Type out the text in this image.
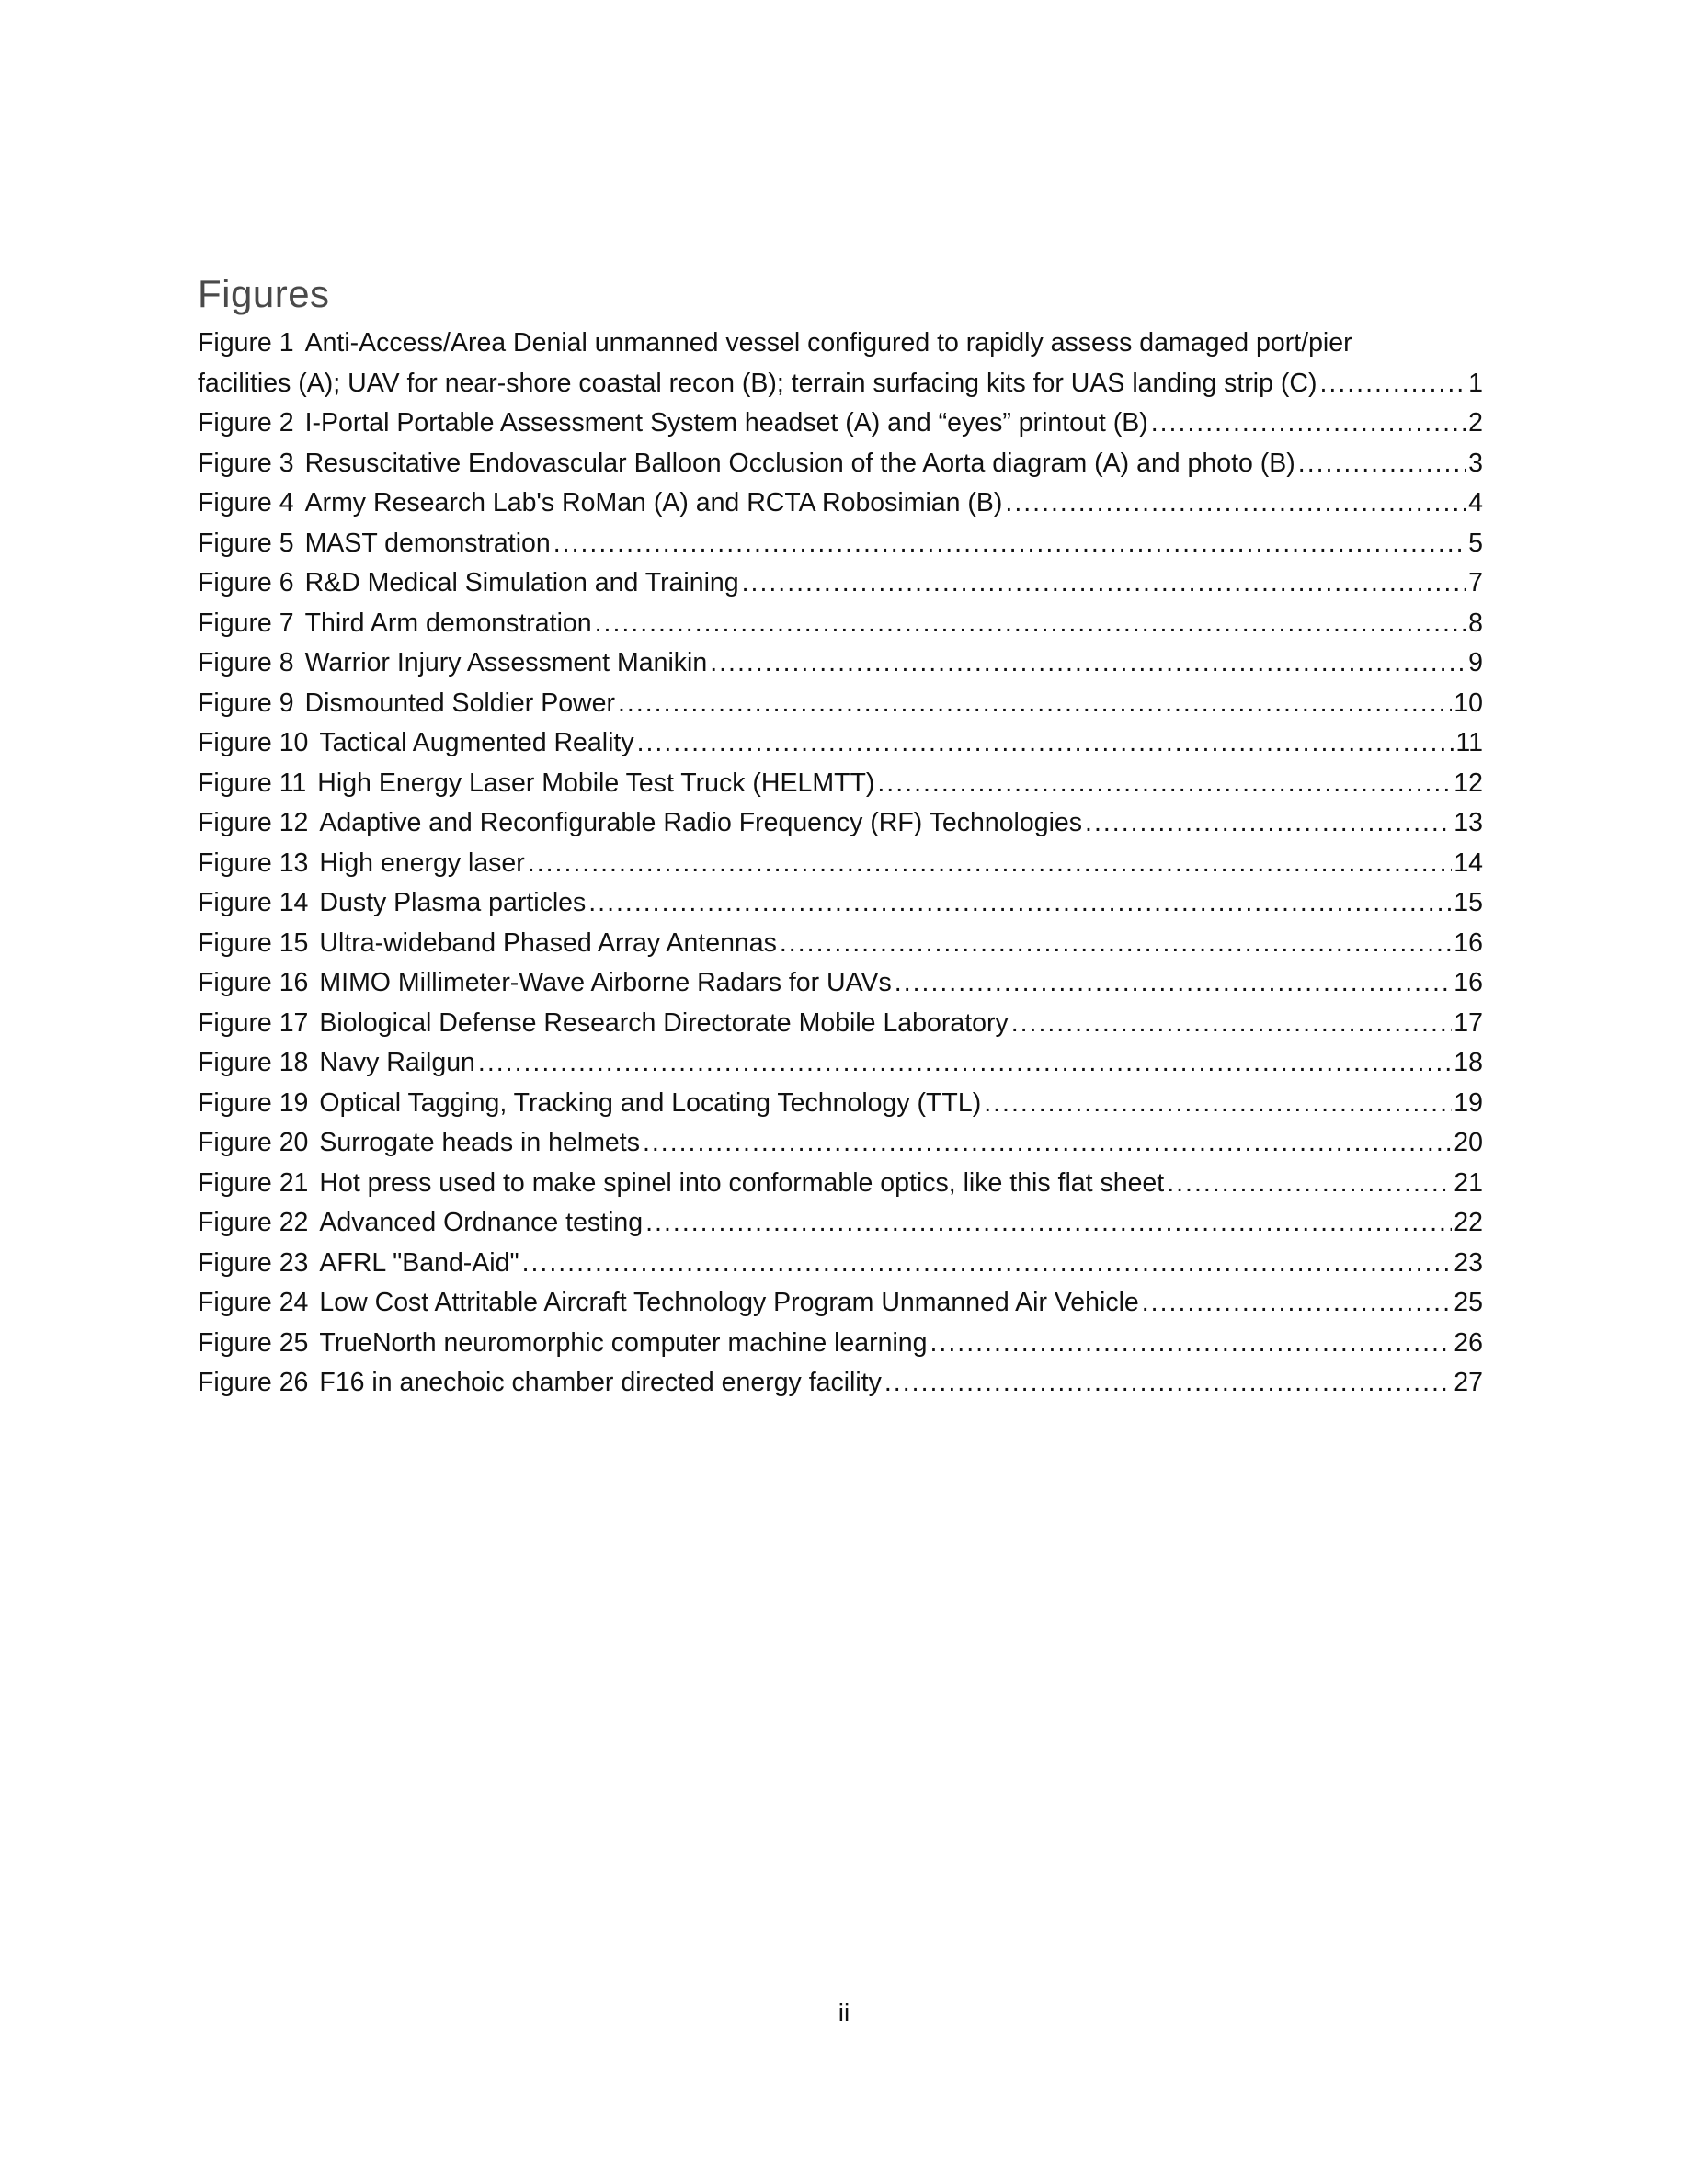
Figures
Figure 1 Anti-Access/Area Denial unmanned vessel configured to rapidly assess damaged port/pier
facilities (A); UAV for near-shore coastal recon (B); terrain surfacing kits for UAS landing strip (C) .....	1
Figure 2 I-Portal Portable Assessment System headset (A) and “eyes” printout (B) .....	2
Figure 3 Resuscitative Endovascular Balloon Occlusion of the Aorta diagram (A) and photo (B) .....	3
Figure 4 Army Research Lab's RoMan (A) and RCTA Robosimian (B) .....	4
Figure 5 MAST demonstration .....	5
Figure 6 R&D Medical Simulation and Training .....	7
Figure 7 Third Arm demonstration .....	8
Figure 8 Warrior Injury Assessment Manikin .....	9
Figure 9 Dismounted Soldier Power .....	10
Figure 10 Tactical Augmented Reality .....	11
Figure 11 High Energy Laser Mobile Test Truck (HELMTT) .....	12
Figure 12 Adaptive and Reconfigurable Radio Frequency (RF) Technologies .....	13
Figure 13 High energy laser .....	14
Figure 14 Dusty Plasma particles .....	15
Figure 15 Ultra-wideband Phased Array Antennas .....	16
Figure 16 MIMO Millimeter-Wave Airborne Radars for UAVs .....	16
Figure 17 Biological Defense Research Directorate Mobile Laboratory .....	17
Figure 18 Navy Railgun .....	18
Figure 19 Optical Tagging, Tracking and Locating Technology (TTL) .....	19
Figure 20 Surrogate heads in helmets .....	20
Figure 21 Hot press used to make spinel into conformable optics, like this flat sheet .....	21
Figure 22 Advanced Ordnance testing .....	22
Figure 23 AFRL "Band-Aid" .....	23
Figure 24 Low Cost Attritable Aircraft Technology Program Unmanned Air Vehicle .....	25
Figure 25 TrueNorth neuromorphic computer machine learning .....	26
Figure 26 F16 in anechoic chamber directed energy facility .....	27
ii
